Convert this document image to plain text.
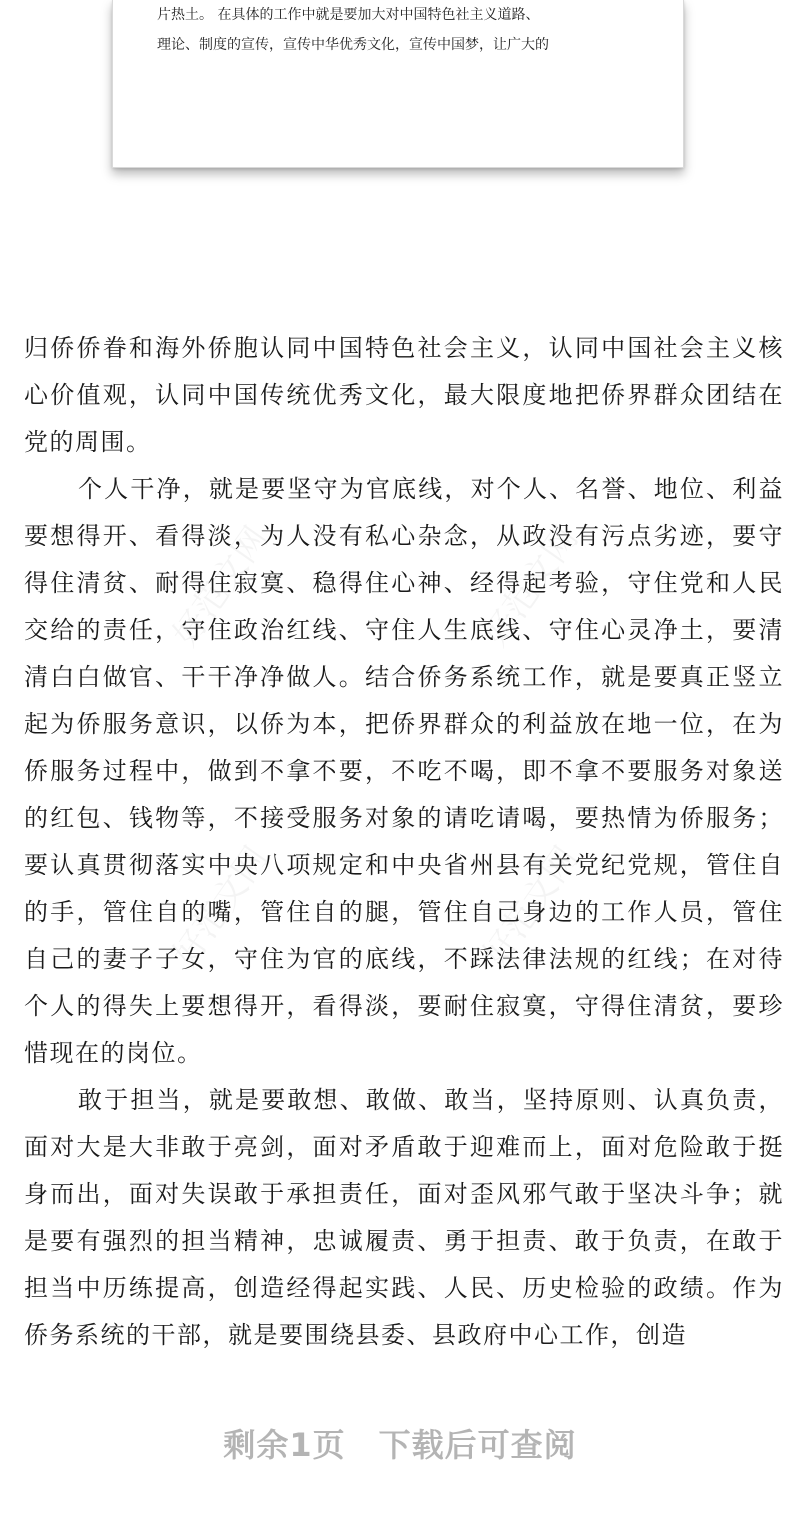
片热土。 在具体的工作中就是要加大对中国特色社主义道路、

理论、制度的宣传，宣传中华优秀文化，宣传中国梦，让广大的

归侨侨眷和海外侨胞认同中国特色社会主义，认同中国社会主义核心价值观，认同中国传统优秀文化，最大限度地把侨界群众团结在党的周围。

个人干净，就是要坚守为官底线，对个人、名誉、地位、利益要想得开、看得淡，为人没有私心杂念，从政没有污点劣迹，要守得住清贫、耐得住寂寞、稳得住心神、经得起考验，守住党和人民交给的责任，守住政治红线、守住人生底线、守住心灵净土，要清清白白做官、干干净净做人。结合侨务系统工作，就是要真正竖立起为侨服务意识，以侨为本，把侨界群众的利益放在地一位，在为侨服务过程中，做到不拿不要，不吃不喝，即不拿不要服务对象送的红包、钱物等，不接受服务对象的请吃请喝，要热情为侨服务；要认真贯彻落实中央八项规定和中央省州县有关党纪党规，管住自的手，管住自的嘴，管住自的腿，管住自己身边的工作人员，管住自己的妻子子女，守住为官的底线，不踩法律法规的红线；在对待个人的得失上要想得开，看得淡，要耐住寂寞，守得住清贫，要珍惜现在的岗位。

敢于担当，就是要敢想、敢做、敢当，坚持原则、认真负责，面对大是大非敢于亮剑，面对矛盾敢于迎难而上，面对危险敢于挺身而出，面对失误敢于承担责任，面对歪风邪气敢于坚决斗争；就是要有强烈的担当精神，忠诚履责、勇于担责、敢于负责，在敢于担当中历练提高，创造经得起实践、人民、历史检验的政绩。作为侨务系统的干部，就是要围绕县委、县政府中心工作，创造

剩余1页　下载后可查阅
